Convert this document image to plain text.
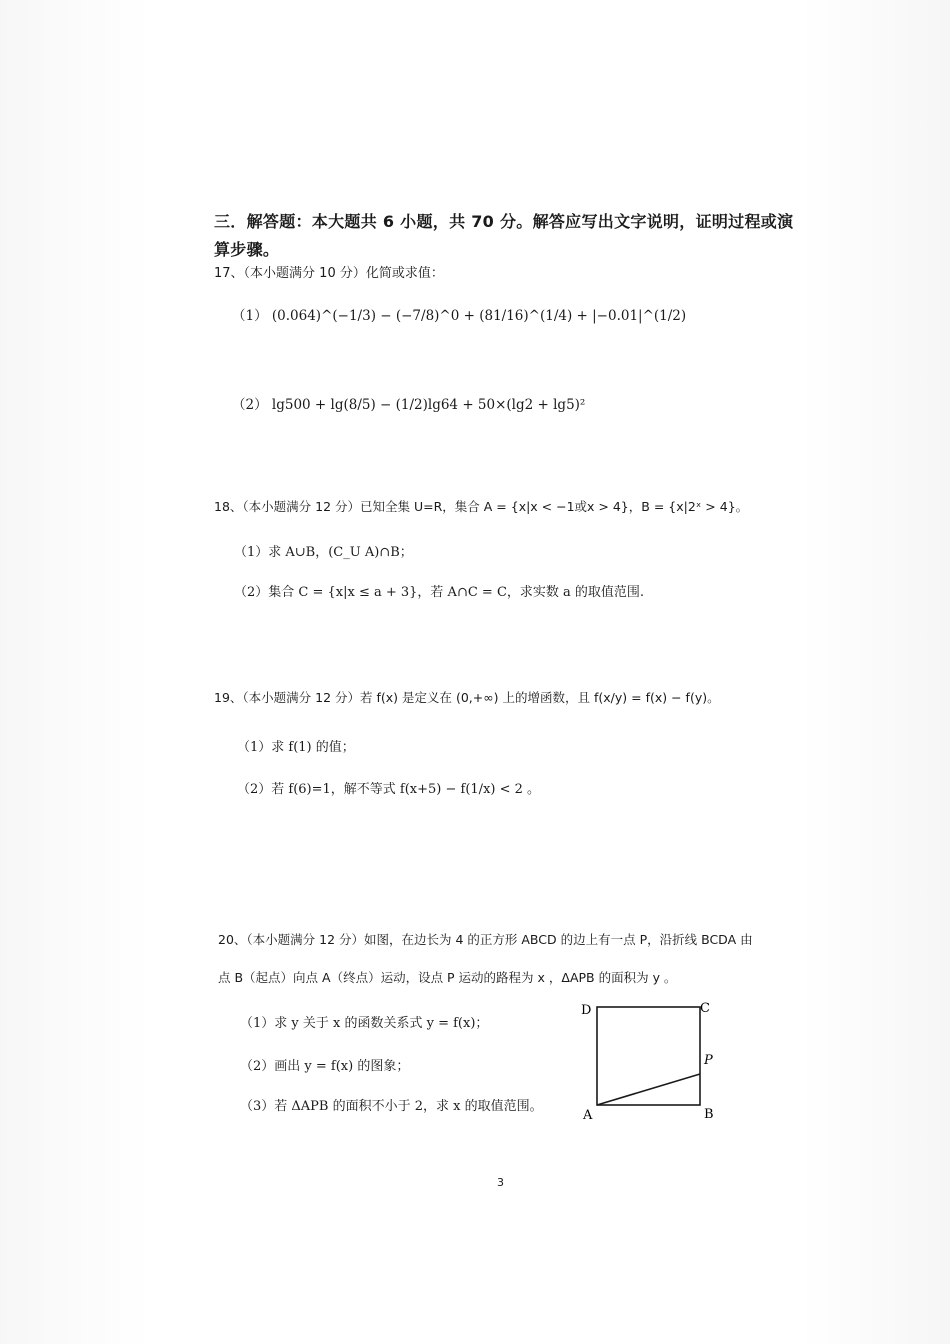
三．解答题：本大题共 6 小题，共 70 分。解答应写出文字说明，证明过程或演
算步骤。
17、（本小题满分 10 分）化简或求值：
（1） (0.064)^(−1/3) − (−7/8)^0 + (81/16)^(1/4) + |−0.01|^(1/2)
（2） lg500 + lg(8/5) − (1/2)lg64 + 50×(lg2 + lg5)²
18、（本小题满分 12 分）已知全集 U=R，集合 A = {x|x < −1或x > 4}，B = {x|2ˣ > 4}。
（1）求 A∪B，(C_U A)∩B；
（2）集合 C = {x|x ≤ a + 3}，若 A∩C = C，求实数 a 的取值范围.
19、（本小题满分 12 分）若 f(x) 是定义在 (0,+∞) 上的增函数，且 f(x/y) = f(x) − f(y)。
（1）求 f(1) 的值；
（2）若 f(6)=1，解不等式 f(x+5) − f(1/x) < 2 。
20、（本小题满分 12 分）如图，在边长为 4 的正方形 ABCD 的边上有一点 P，沿折线 BCDA 由
点 B（起点）向点 A（终点）运动，设点 P 运动的路程为 x ，ΔAPB 的面积为 y 。
（1）求 y 关于 x 的函数关系式 y = f(x)；
（2）画出 y = f(x) 的图象；
（3）若 ΔAPB 的面积不小于 2，求 x 的取值范围。
D	C
A	B
P
3
